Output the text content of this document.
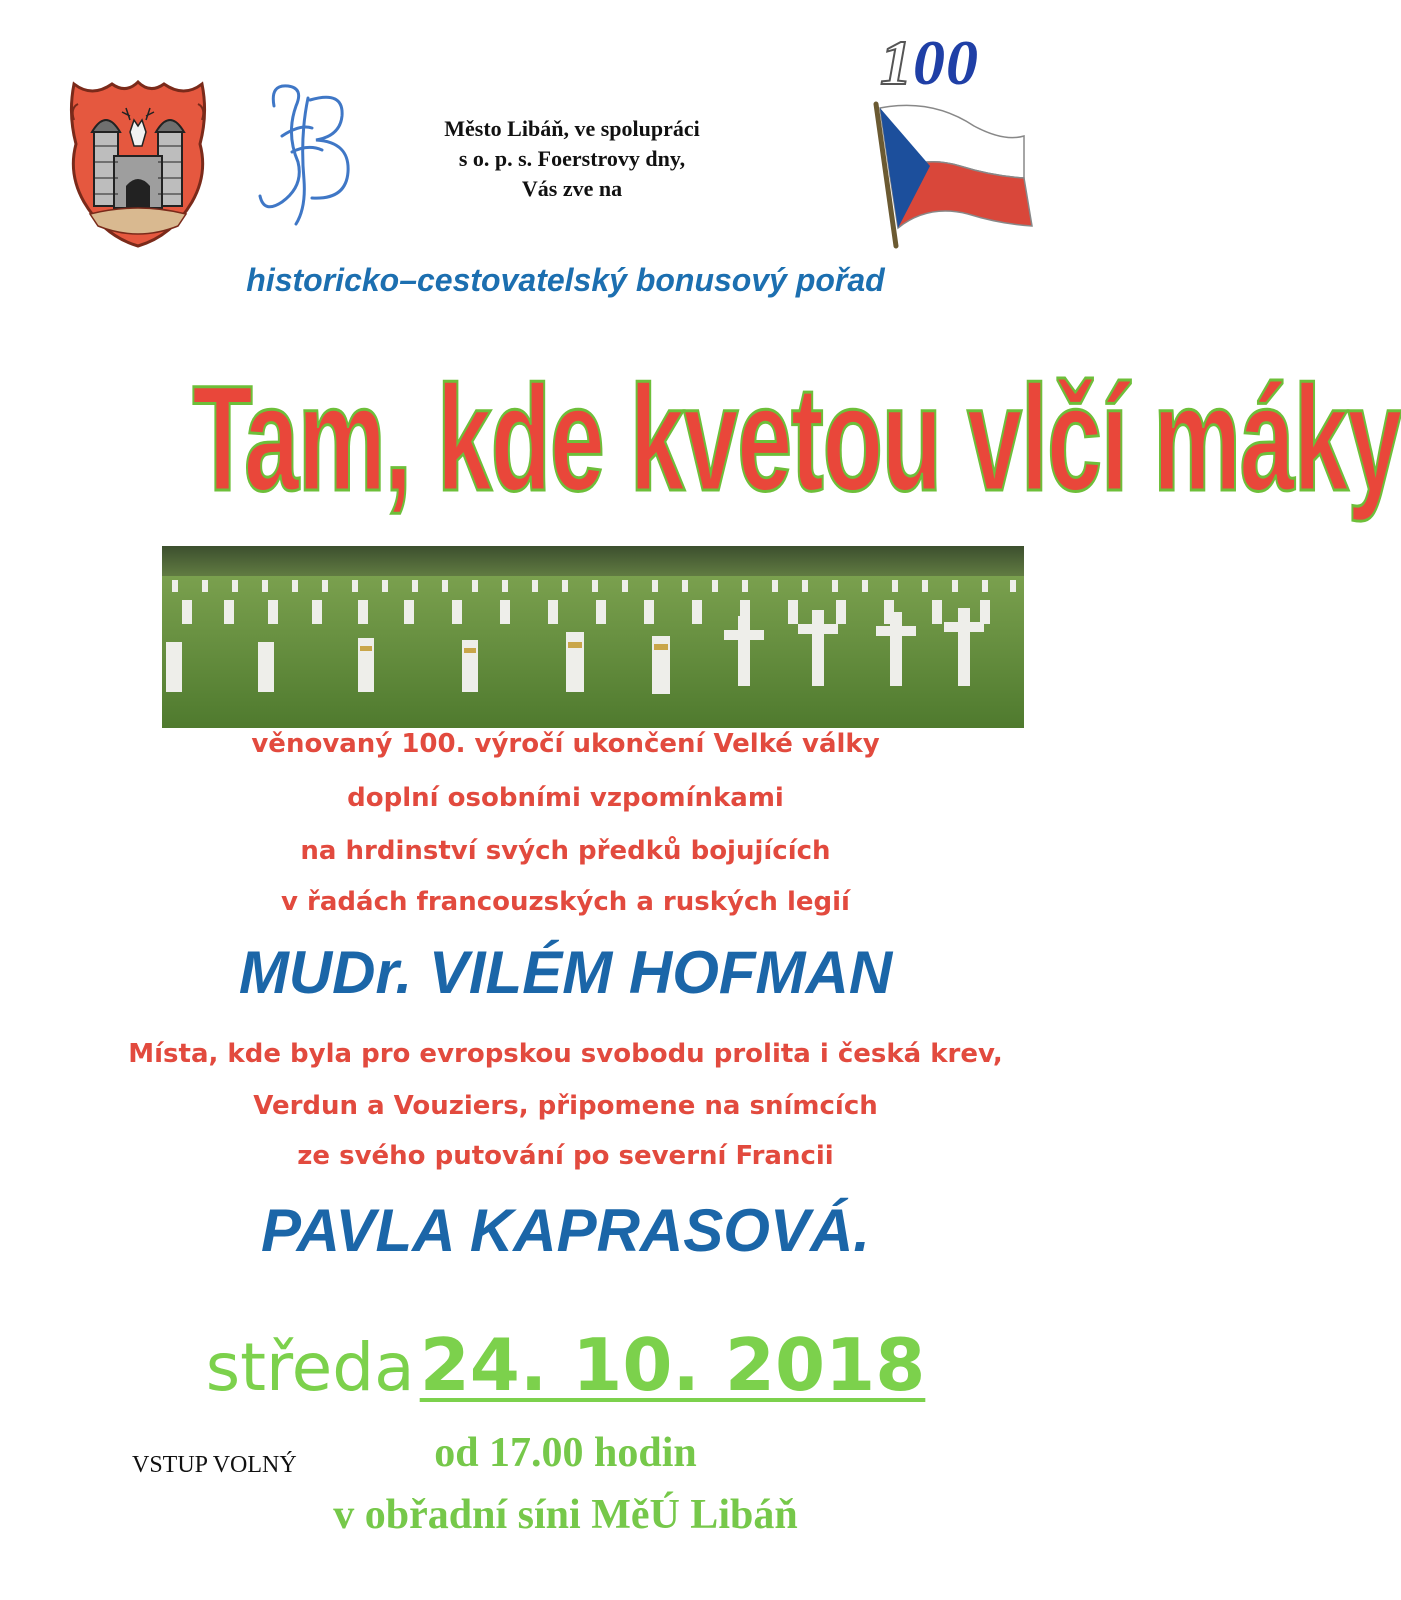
Město Libáň, ve spolupráci
s o. p. s. Foerstrovy dny,
Vás zve na
100
historicko–cestovatelský bonusový pořad
Tam, kde kvetou vlčí máky
věnovaný 100. výročí ukončení Velké války
doplní osobními vzpomínkami
na hrdinství svých předků bojujících
v řadách francouzských a ruských legií
MUDr. VILÉM HOFMAN
Místa, kde byla pro evropskou svobodu prolita i česká krev,
Verdun a Vouziers, připomene na snímcích
ze svého putování po severní Francii
PAVLA KAPRASOVÁ.
středa 24. 10. 2018
VSTUP VOLNÝ	od 17.00 hodin
v obřadní síni MěÚ Libáň
